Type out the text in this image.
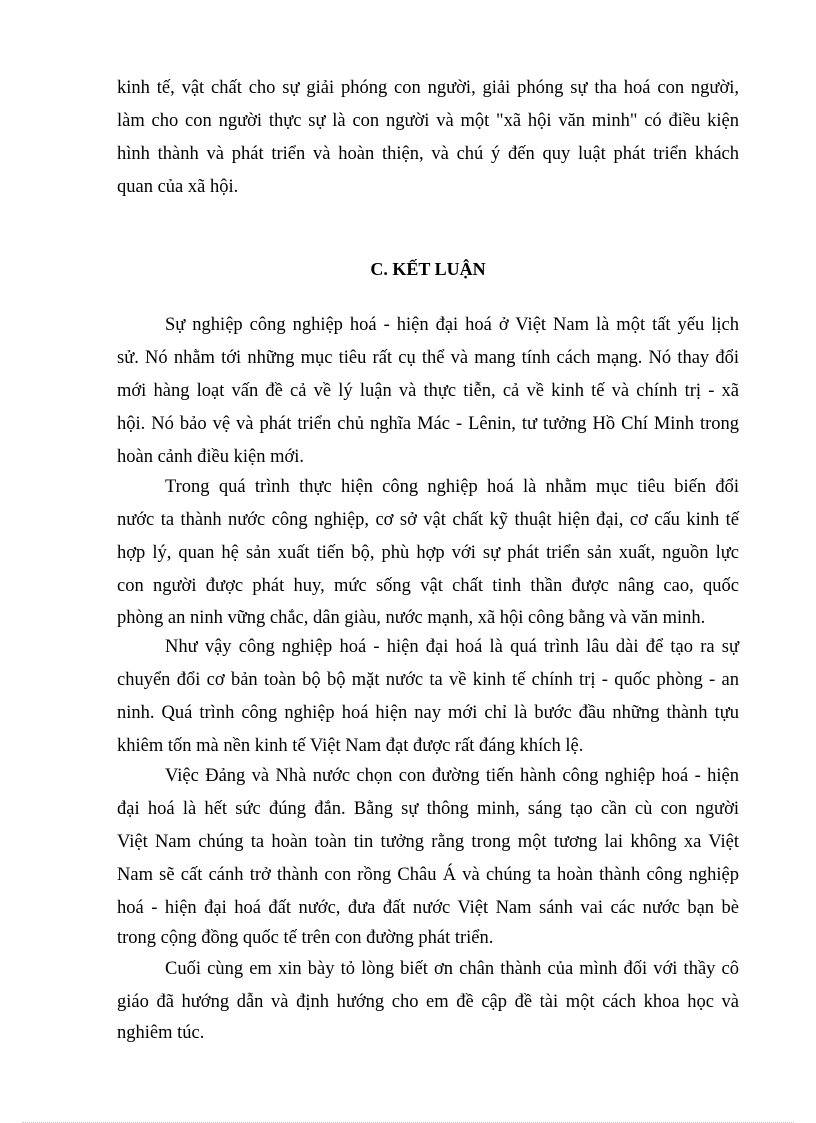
kinh tế, vật chất cho sự giải phóng con người, giải phóng sự tha hoá con người,
làm cho con người thực sự là con người và một "xã hội văn minh" có điều kiện
hình thành và phát triển và hoàn thiện, và chú ý đến quy luật phát triển khách
quan của xã hội.
C. KẾT LUẬN
Sự nghiệp công nghiệp hoá - hiện đại hoá ở Việt Nam là một tất yếu lịch
sử. Nó nhằm tới những mục tiêu rất cụ thể và mang tính cách mạng. Nó thay đổi
mới hàng loạt vấn đề cả về lý luận và thực tiễn, cả về kinh tế và chính trị - xã
hội. Nó bảo vệ và phát triển chủ nghĩa Mác - Lênin, tư tưởng Hồ Chí Minh trong
hoàn cảnh điều kiện mới.
Trong quá trình thực hiện công nghiệp hoá là nhằm mục tiêu biến đổi
nước ta thành nước công nghiệp, cơ sở vật chất kỹ thuật hiện đại, cơ cấu kinh tế
hợp lý, quan hệ sản xuất tiến bộ, phù hợp với sự phát triển sản xuất, nguồn lực
con người được phát huy, mức sống vật chất tinh thần được nâng cao, quốc
phòng an ninh vững chắc, dân giàu, nước mạnh, xã hội công bằng và văn minh.
Như vậy công nghiệp hoá - hiện đại hoá là quá trình lâu dài để tạo ra sự
chuyển đổi cơ bản toàn bộ bộ mặt nước ta về kinh tế chính trị - quốc phòng - an
ninh. Quá trình công nghiệp hoá hiện nay mới chỉ là bước đầu những thành tựu
khiêm tốn mà nền kinh tế Việt Nam đạt được rất đáng khích lệ.
Việc Đảng và Nhà nước chọn con đường tiến hành công nghiệp hoá - hiện
đại hoá là hết sức đúng đắn. Bằng sự thông minh, sáng tạo cần cù con người
Việt Nam chúng ta hoàn toàn tin tưởng rằng trong một tương lai không xa Việt
Nam sẽ cất cánh trở thành con rồng Châu Á và chúng ta hoàn thành công nghiệp
hoá - hiện đại hoá đất nước, đưa đất nước Việt Nam sánh vai các nước bạn bè
trong cộng đồng quốc tế trên con đường phát triển.
Cuối cùng em xin bày tỏ lòng biết ơn chân thành của mình đối với thầy cô
giáo đã hướng dẫn và định hướng cho em đề cập đề tài một cách khoa học và
nghiêm túc.
